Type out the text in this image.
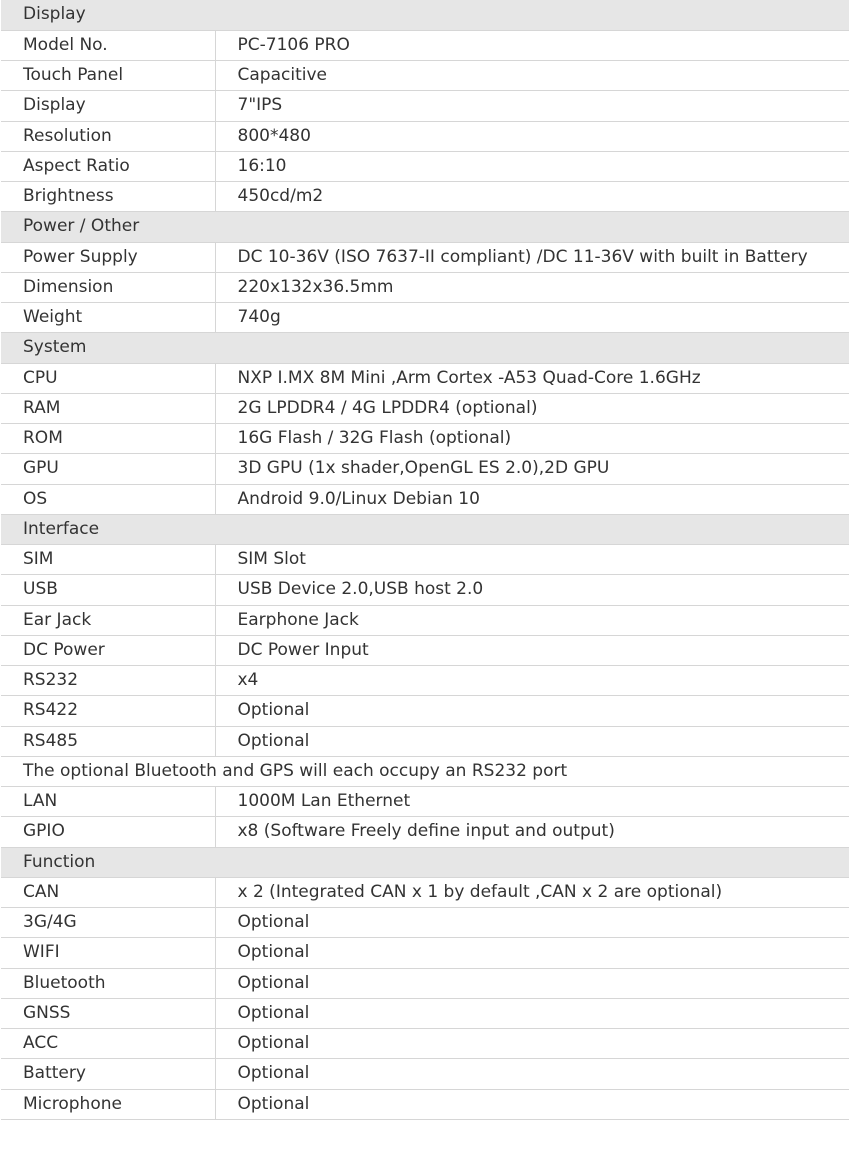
Display	
Model No.	PC-7106 PRO
Touch Panel	Capacitive
Display	7"IPS
Resolution	800*480
Aspect Ratio	16:10
Brightness	450cd/m2
Power / Other	
Power Supply	DC 10-36V (ISO 7637-II compliant) /DC 11-36V with built in Battery
Dimension	220x132x36.5mm
Weight	740g
System	
CPU	NXP I.MX 8M Mini ,Arm Cortex -A53 Quad-Core 1.6GHz
RAM	2G LPDDR4 / 4G LPDDR4 (optional)
ROM	16G Flash / 32G Flash (optional)
GPU	3D GPU (1x shader,OpenGL ES 2.0),2D GPU
OS	Android 9.0/Linux Debian 10
Interface	
SIM	SIM Slot
USB	USB Device 2.0,USB host 2.0
Ear Jack	Earphone Jack
DC Power	DC Power Input
RS232	x4
RS422	Optional
RS485	Optional
The optional Bluetooth and GPS will each occupy an RS232 port	
LAN	1000M Lan Ethernet
GPIO	x8 (Software Freely define input and output)
Function	
CAN	x 2 (Integrated CAN x 1 by default ,CAN x 2 are optional)
3G/4G	Optional
WIFI	Optional
Bluetooth	Optional
GNSS	Optional
ACC	Optional
Battery	Optional
Microphone	Optional
